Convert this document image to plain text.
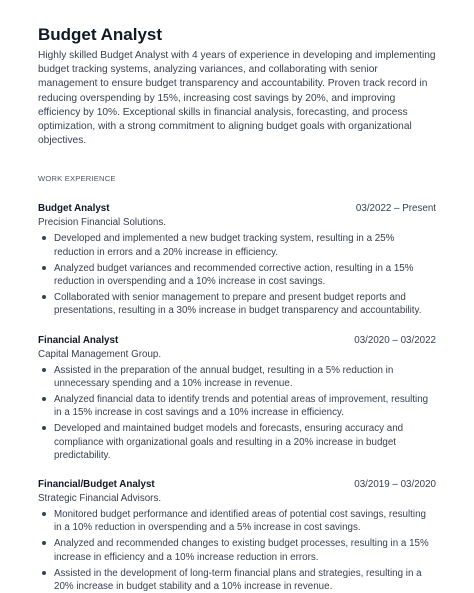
Budget Analyst

Highly skilled Budget Analyst with 4 years of experience in developing and implementing budget tracking systems, analyzing variances, and collaborating with senior management to ensure budget transparency and accountability. Proven track record in reducing overspending by 15%, increasing cost savings by 20%, and improving efficiency by 10%. Exceptional skills in financial analysis, forecasting, and process optimization, with a strong commitment to aligning budget goals with organizational objectives.

WORK EXPERIENCE
Budget Analyst	03/2022 – Present
Precision Financial Solutions.
Developed and implemented a new budget tracking system, resulting in a 25% reduction in errors and a 20% increase in efficiency.
Analyzed budget variances and recommended corrective action, resulting in a 15% reduction in overspending and a 10% increase in cost savings.
Collaborated with senior management to prepare and present budget reports and presentations, resulting in a 30% increase in budget transparency and accountability.
Financial Analyst	03/2020 – 03/2022
Capital Management Group.
Assisted in the preparation of the annual budget, resulting in a 5% reduction in unnecessary spending and a 10% increase in revenue.
Analyzed financial data to identify trends and potential areas of improvement, resulting in a 15% increase in cost savings and a 10% increase in efficiency.
Developed and maintained budget models and forecasts, ensuring accuracy and compliance with organizational goals and resulting in a 20% increase in budget predictability.
Financial/Budget Analyst	03/2019 – 03/2020
Strategic Financial Advisors.
Monitored budget performance and identified areas of potential cost savings, resulting in a 10% reduction in overspending and a 5% increase in cost savings.
Analyzed and recommended changes to existing budget processes, resulting in a 15% increase in efficiency and a 10% increase reduction in errors.
Assisted in the development of long-term financial plans and strategies, resulting in a 20% increase in budget stability and a 10% increase in revenue.
